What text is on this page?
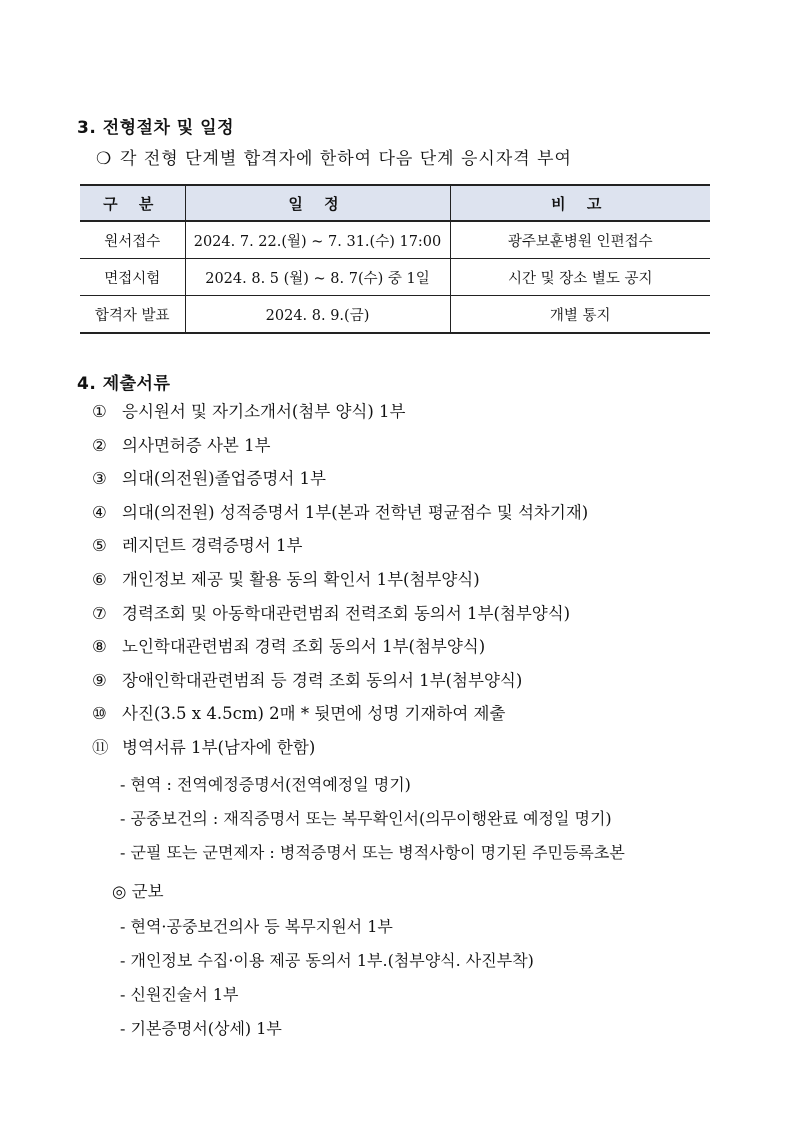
3. 전형절차 및 일정
❍ 각 전형 단계별 합격자에 한하여 다음 단계 응시자격 부여
구 분	일 정	비 고
원서접수	2024. 7. 22.(월) ~ 7. 31.(수) 17:00	광주보훈병원 인편접수
면접시험	2024. 8. 5 (월) ~ 8. 7(수) 중 1일	시간 및 장소 별도 공지
합격자 발표	2024. 8. 9.(금)	개별 통지
4. 제출서류
① 응시원서 및 자기소개서(첨부 양식) 1부
② 의사면허증 사본 1부
③ 의대(의전원)졸업증명서 1부
④ 의대(의전원) 성적증명서 1부(본과 전학년 평균점수 및 석차기재)
⑤ 레지던트 경력증명서 1부
⑥ 개인정보 제공 및 활용 동의 확인서 1부(첨부양식)
⑦ 경력조회 및 아동학대관련범죄 전력조회 동의서 1부(첨부양식)
⑧ 노인학대관련범죄 경력 조회 동의서 1부(첨부양식)
⑨ 장애인학대관련범죄 등 경력 조회 동의서 1부(첨부양식)
⑩ 사진(3.5 x 4.5cm) 2매 * 뒷면에 성명 기재하여 제출
⑪ 병역서류 1부(남자에 한함)
- 현역 : 전역예정증명서(전역예정일 명기)
- 공중보건의 : 재직증명서 또는 복무확인서(의무이행완료 예정일 명기)
- 군필 또는 군면제자 : 병적증명서 또는 병적사항이 명기된 주민등록초본
◎ 군보
- 현역·공중보건의사 등 복무지원서 1부
- 개인정보 수집·이용 제공 동의서 1부.(첨부양식. 사진부착)
- 신원진술서 1부
- 기본증명서(상세) 1부
